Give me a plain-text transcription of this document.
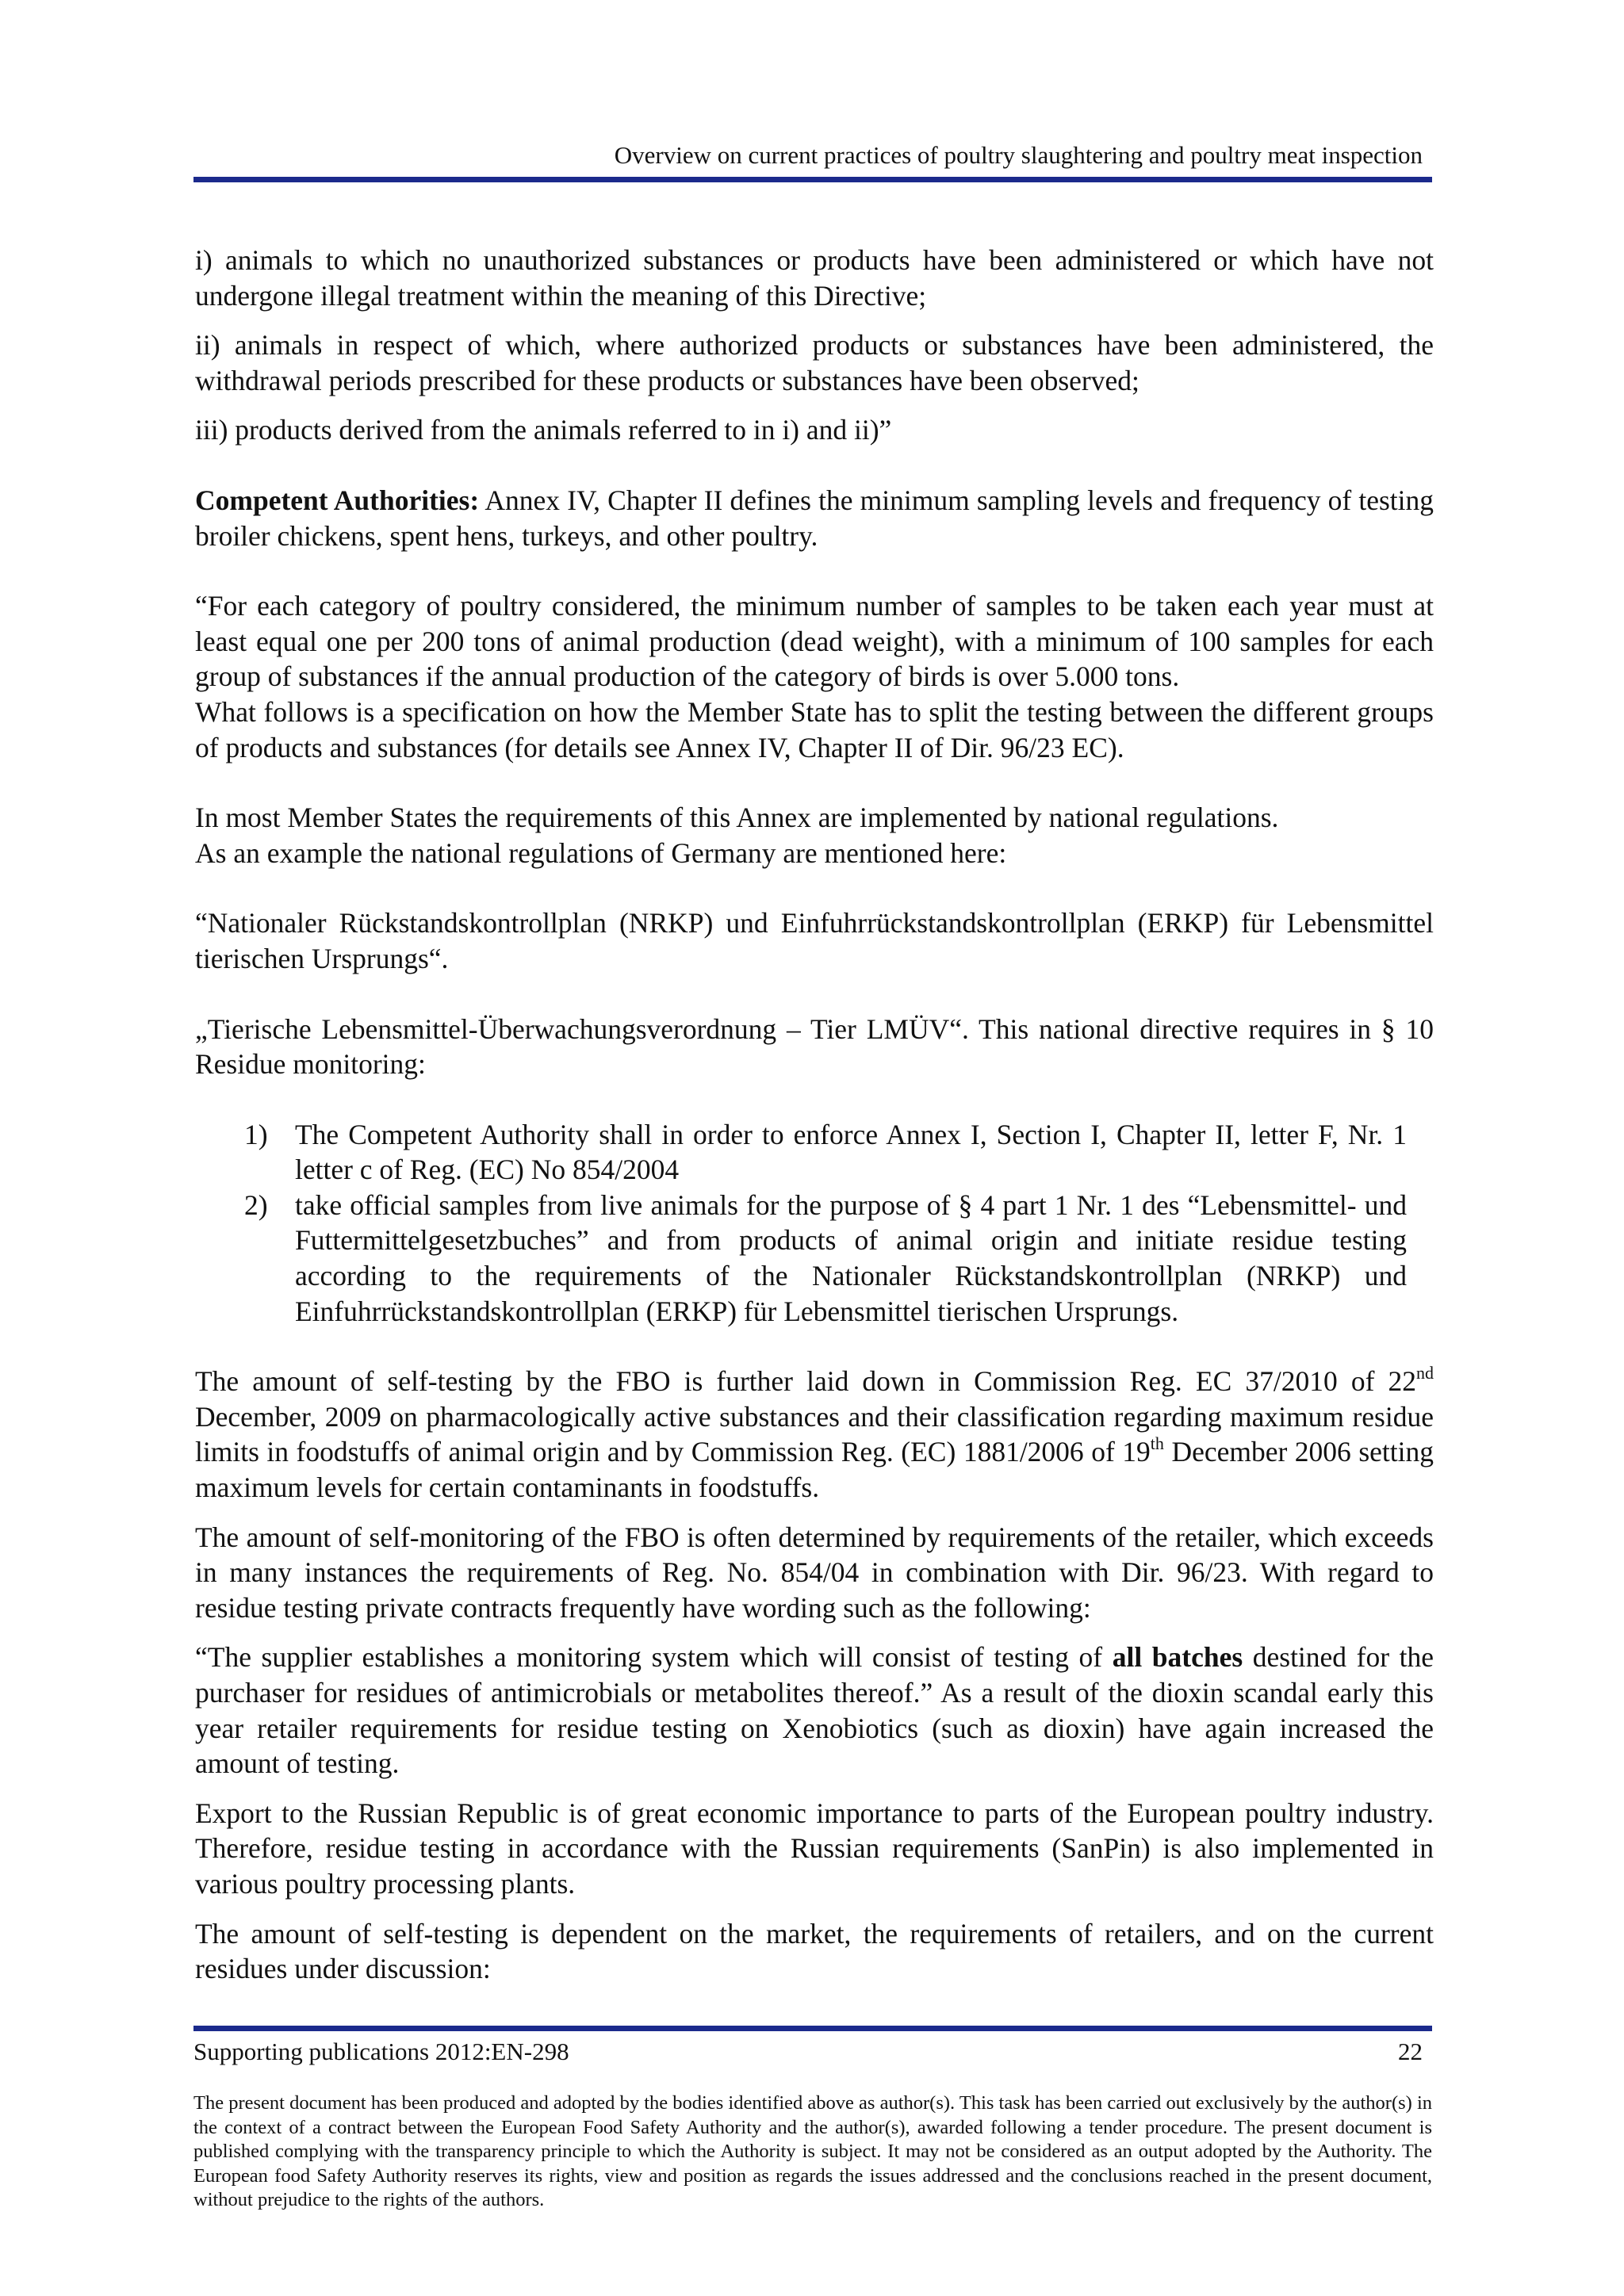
Overview on current practices of poultry slaughtering and poultry meat inspection

i) animals to which no unauthorized substances or products have been administered or which have not undergone illegal treatment within the meaning of this Directive;

ii) animals in respect of which, where authorized products or substances have been administered, the withdrawal periods prescribed for these products or substances have been observed;

iii) products derived from the animals referred to in i) and ii)”

Competent Authorities: Annex IV, Chapter II defines the minimum sampling levels and frequency of testing broiler chickens, spent hens, turkeys, and other poultry.

“For each category of poultry considered, the minimum number of samples to be taken each year must at least equal one per 200 tons of animal production (dead weight), with a minimum of 100 samples for each group of substances if the annual production of the category of birds is over 5.000 tons.

What follows is a specification on how the Member State has to split the testing between the different groups of products and substances (for details see Annex IV, Chapter II of Dir. 96/23 EC).

In most Member States the requirements of this Annex are implemented by national regulations.

As an example the national regulations of Germany are mentioned here:

“Nationaler Rückstandskontrollplan (NRKP) und Einfuhrrückstandskontrollplan (ERKP) für Lebensmittel tierischen Ursprungs“.

„Tierische Lebensmittel-Überwachungsverordnung – Tier LMÜV“. This national directive requires in § 10 Residue monitoring:

1) The Competent Authority shall in order to enforce Annex I, Section I, Chapter II, letter F, Nr. 1 letter c of Reg. (EC) No 854/2004
2) take official samples from live animals for the purpose of § 4 part 1 Nr. 1 des “Lebensmittel- und Futtermittelgesetzbuches” and from products of animal origin and initiate residue testing according to the requirements of the Nationaler Rückstandskontrollplan (NRKP) und Einfuhrrückstandskontrollplan (ERKP) für Lebensmittel tierischen Ursprungs.

The amount of self-testing by the FBO is further laid down in Commission Reg. EC 37/2010 of 22nd December, 2009 on pharmacologically active substances and their classification regarding maximum residue limits in foodstuffs of animal origin and by Commission Reg. (EC) 1881/2006 of 19th December 2006 setting maximum levels for certain contaminants in foodstuffs.

The amount of self-monitoring of the FBO is often determined by requirements of the retailer, which exceeds in many instances the requirements of Reg. No. 854/04 in combination with Dir. 96/23. With regard to residue testing private contracts frequently have wording such as the following:

“The supplier establishes a monitoring system which will consist of testing of all batches destined for the purchaser for residues of antimicrobials or metabolites thereof.” As a result of the dioxin scandal early this year retailer requirements for residue testing on Xenobiotics (such as dioxin) have again increased the amount of testing.

Export to the Russian Republic is of great economic importance to parts of the European poultry industry. Therefore, residue testing in accordance with the Russian requirements (SanPin) is also implemented in various poultry processing plants.

The amount of self-testing is dependent on the market, the requirements of retailers, and on the current residues under discussion:

Supporting publications 2012:EN-298	22
The present document has been produced and adopted by the bodies identified above as author(s). This task has been carried out exclusively by the author(s) in the context of a contract between the European Food Safety Authority and the author(s), awarded following a tender procedure. The present document is published complying with the transparency principle to which the Authority is subject. It may not be considered as an output adopted by the Authority. The European food Safety Authority reserves its rights, view and position as regards the issues addressed and the conclusions reached in the present document, without prejudice to the rights of the authors.
